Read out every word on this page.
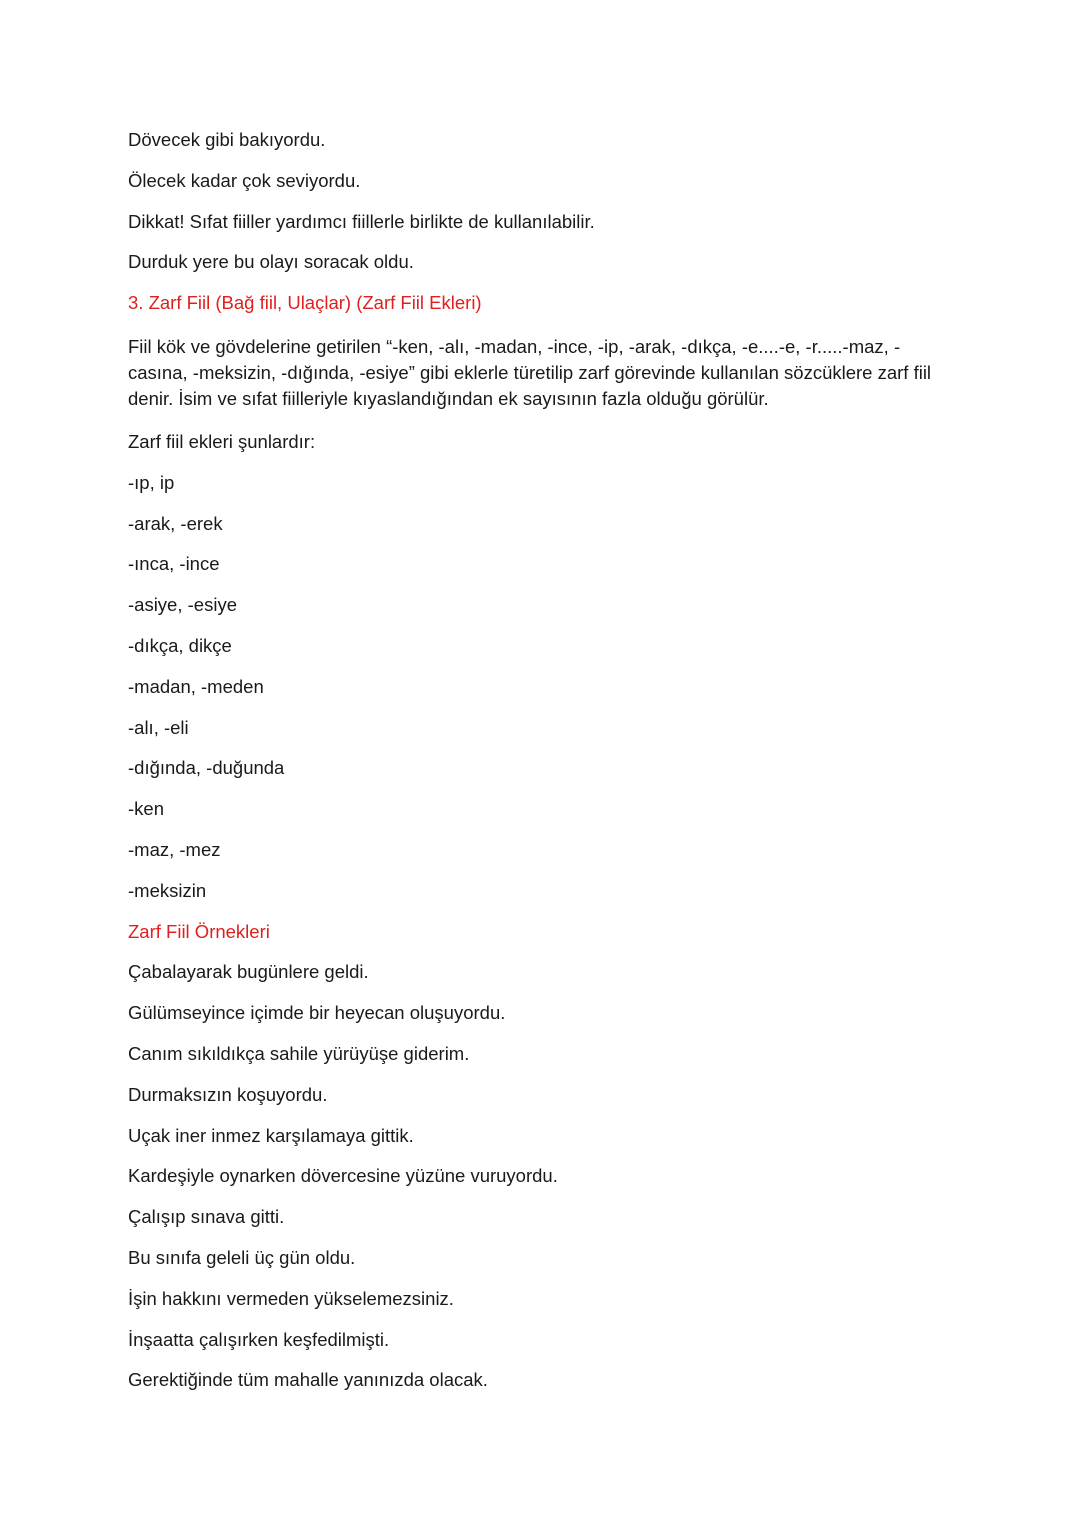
Dövecek gibi bakıyordu.
Ölecek kadar çok seviyordu.
Dikkat! Sıfat fiiller yardımcı fiillerle birlikte de kullanılabilir.
Durduk yere bu olayı soracak oldu.
3. Zarf Fiil (Bağ fiil, Ulaçlar) (Zarf Fiil Ekleri)
Fiil kök ve gövdelerine getirilen “-ken, -alı, -madan, -ince, -ip, -arak, -dıkça, -e....-e, -r.....-maz, -casına, -meksizin, -dığında, -esiye” gibi eklerle türetilip zarf görevinde kullanılan sözcüklere zarf fiil denir. İsim ve sıfat fiilleriyle kıyaslandığından ek sayısının fazla olduğu görülür.
Zarf fiil ekleri şunlardır:
-ıp, ip
-arak, -erek
-ınca, -ince
-asiye, -esiye
-dıkça, dikçe
-madan, -meden
-alı, -eli
-dığında, -duğunda
-ken
-maz, -mez
-meksizin
Zarf Fiil Örnekleri
Çabalayarak bugünlere geldi.
Gülümseyince içimde bir heyecan oluşuyordu.
Canım sıkıldıkça sahile yürüyüşe giderim.
Durmaksızın koşuyordu.
Uçak iner inmez karşılamaya gittik.
Kardeşiyle oynarken dövercesine yüzüne vuruyordu.
Çalışıp sınava gitti.
Bu sınıfa geleli üç gün oldu.
İşin hakkını vermeden yükselemezsiniz.
İnşaatta çalışırken keşfedilmişti.
Gerektiğinde tüm mahalle yanınızda olacak.
